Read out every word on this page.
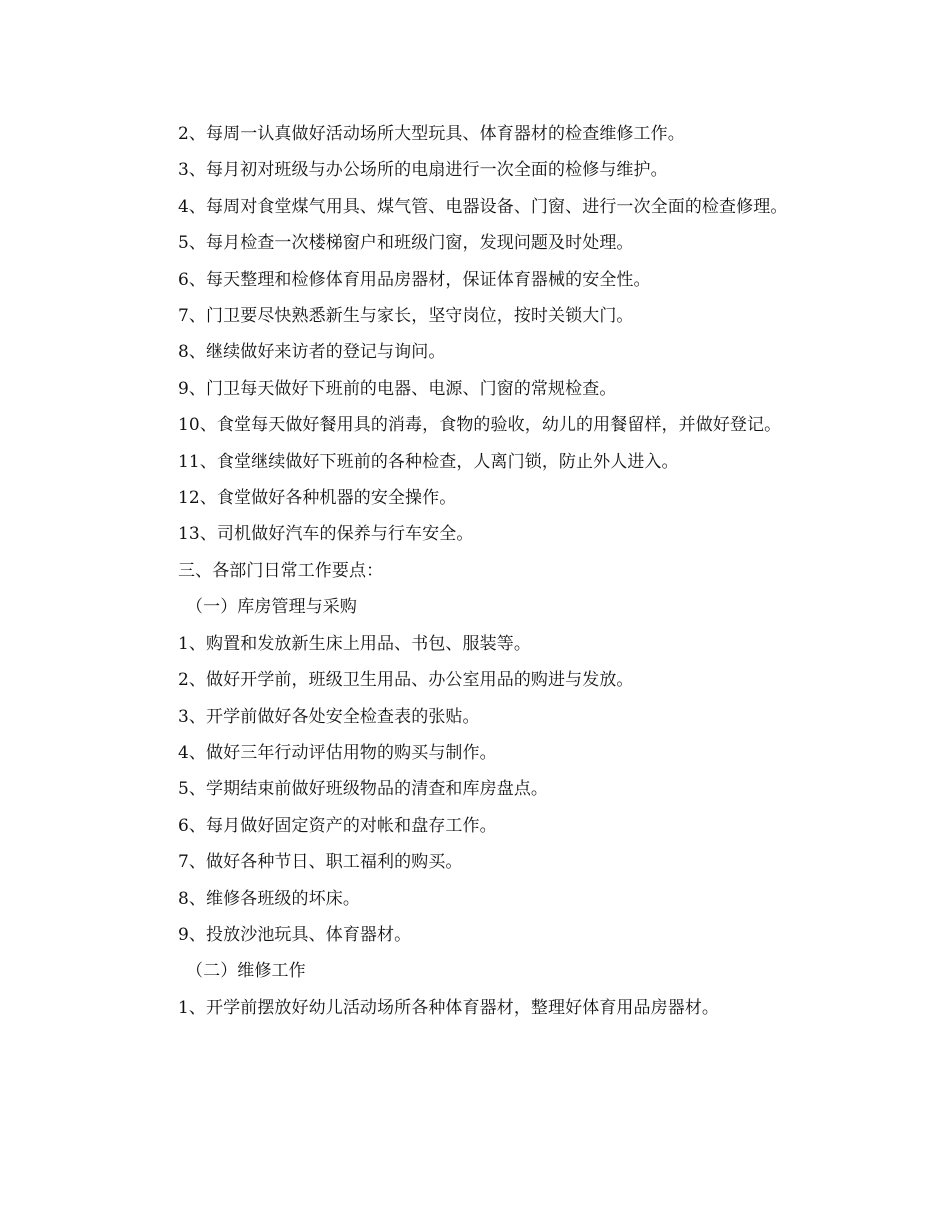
2、每周一认真做好活动场所大型玩具、体育器材的检查维修工作。

3、每月初对班级与办公场所的电扇进行一次全面的检修与维护。

4、每周对食堂煤气用具、煤气管、电器设备、门窗、进行一次全面的检查修理。

5、每月检查一次楼梯窗户和班级门窗，发现问题及时处理。

6、每天整理和检修体育用品房器材，保证体育器械的安全性。

7、门卫要尽快熟悉新生与家长，坚守岗位，按时关锁大门。

8、继续做好来访者的登记与询问。

9、门卫每天做好下班前的电器、电源、门窗的常规检查。

10、食堂每天做好餐用具的消毒，食物的验收，幼儿的用餐留样，并做好登记。

11、食堂继续做好下班前的各种检查，人离门锁，防止外人进入。

12、食堂做好各种机器的安全操作。

13、司机做好汽车的保养与行车安全。

三、各部门日常工作要点：

（一）库房管理与采购

1、购置和发放新生床上用品、书包、服装等。

2、做好开学前，班级卫生用品、办公室用品的购进与发放。

3、开学前做好各处安全检查表的张贴。

4、做好三年行动评估用物的购买与制作。

5、学期结束前做好班级物品的清查和库房盘点。

6、每月做好固定资产的对帐和盘存工作。

7、做好各种节日、职工福利的购买。

8、维修各班级的坏床。

9、投放沙池玩具、体育器材。

（二）维修工作

1、开学前摆放好幼儿活动场所各种体育器材，整理好体育用品房器材。
